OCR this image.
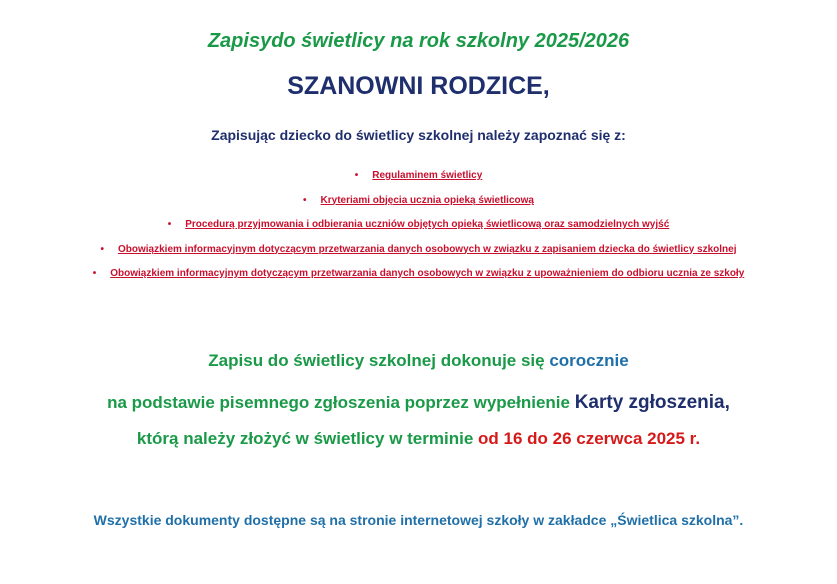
Zapisydo świetlicy na rok szkolny 2025/2026
SZANOWNI RODZICE,
Zapisując dziecko do świetlicy szkolnej należy zapoznać się z:
• Regulaminem świetlicy
• Kryteriami objęcia ucznia opieką świetlicową
• Procedurą przyjmowania i odbierania uczniów objętych opieką świetlicową oraz samodzielnych wyjść
• Obowiązkiem informacyjnym dotyczącym przetwarzania danych osobowych w związku z zapisaniem dziecka do świetlicy szkolnej
• Obowiązkiem informacyjnym dotyczącym przetwarzania danych osobowych w związku z upoważnieniem do odbioru ucznia ze szkoły
Zapisu do świetlicy szkolnej dokonuje się corocznie
na podstawie pisemnego zgłoszenia poprzez wypełnienie Karty zgłoszenia,
którą należy złożyć w świetlicy w terminie od 16 do 26 czerwca 2025 r.
Wszystkie dokumenty dostępne są na stronie internetowej szkoły w zakładce „Świetlica szkolna”.
